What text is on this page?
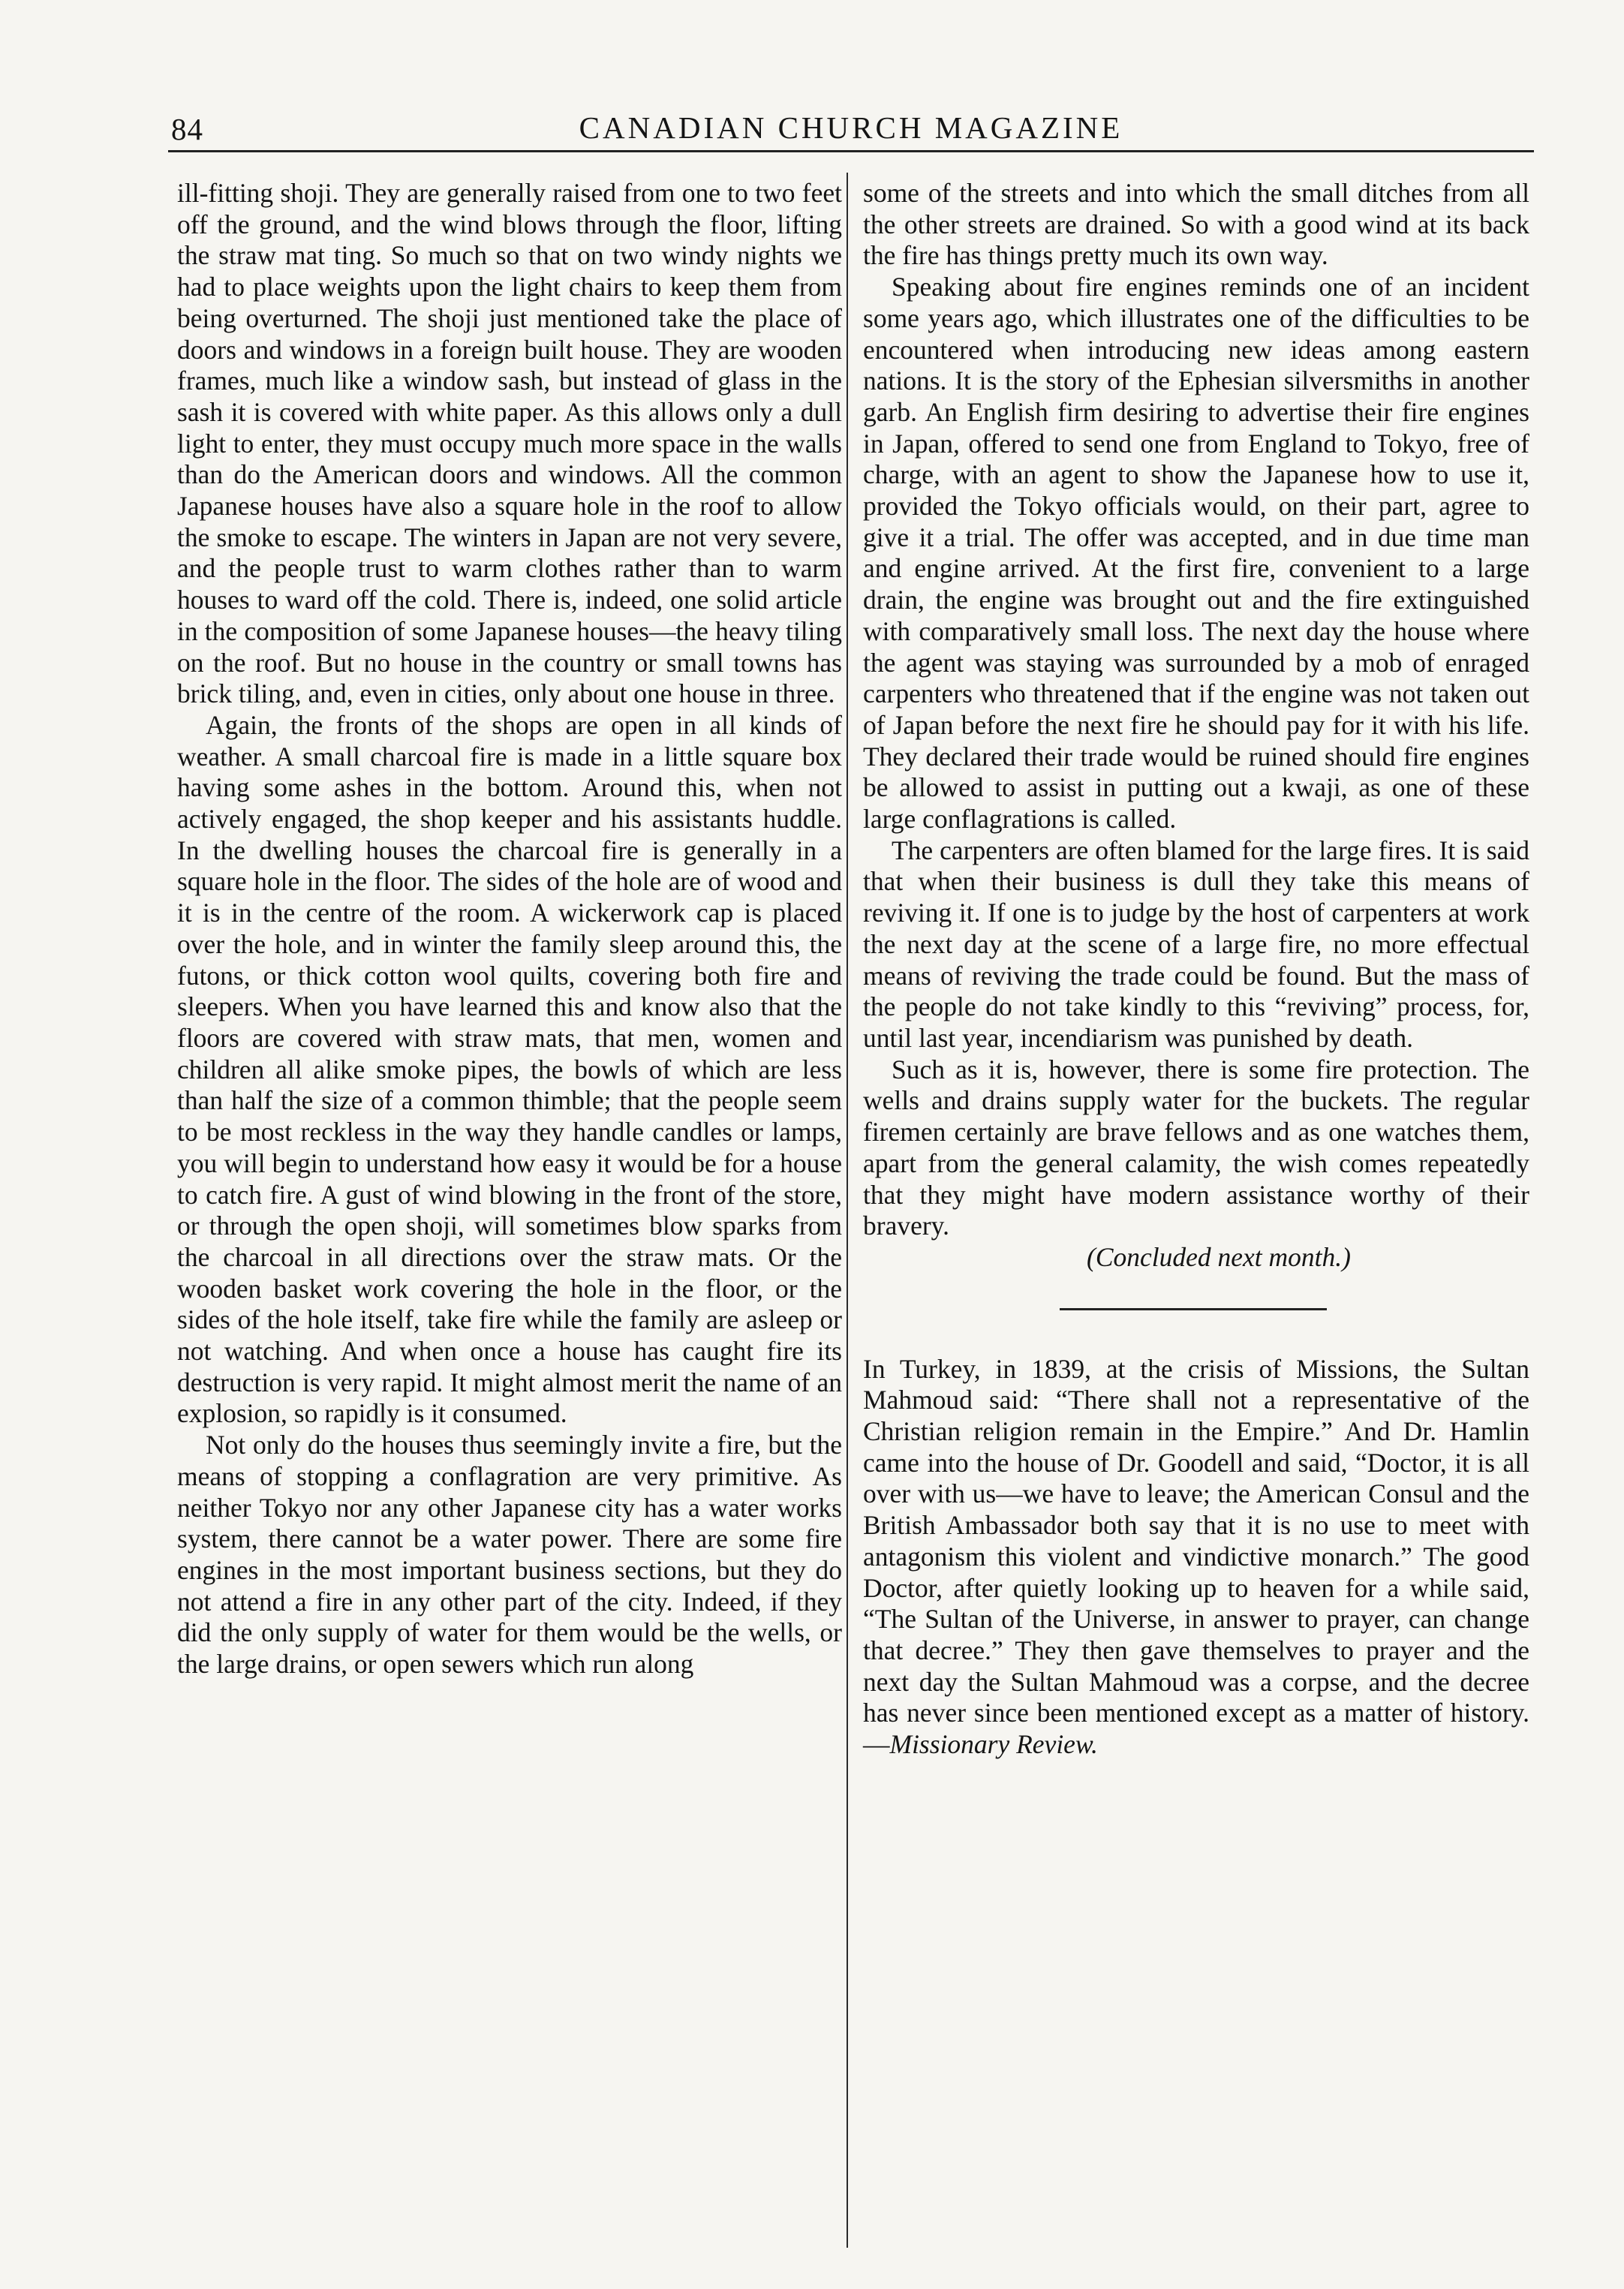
84	CANADIAN CHURCH MAGAZINE

ill-fitting shoji. They are generally raised from one to two feet off the ground, and the wind blows through the floor, lifting the straw mat ting. So much so that on two windy nights we had to place weights upon the light chairs to keep them from being overturned. The shoji just mentioned take the place of doors and windows in a foreign built house. They are wooden frames, much like a window sash, but instead of glass in the sash it is covered with white paper. As this allows only a dull light to enter, they must occupy much more space in the walls than do the American doors and windows. All the common Japanese houses have also a square hole in the roof to allow the smoke to escape. The winters in Japan are not very severe, and the people trust to warm clothes rather than to warm houses to ward off the cold. There is, indeed, one solid article in the composition of some Japanese houses—the heavy tiling on the roof. But no house in the country or small towns has brick tiling, and, even in cities, only about one house in three.

Again, the fronts of the shops are open in all kinds of weather. A small charcoal fire is made in a little square box having some ashes in the bottom. Around this, when not actively engaged, the shop keeper and his assistants huddle. In the dwelling houses the charcoal fire is generally in a square hole in the floor. The sides of the hole are of wood and it is in the centre of the room. A wickerwork cap is placed over the hole, and in winter the family sleep around this, the futons, or thick cotton wool quilts, covering both fire and sleepers. When you have learned this and know also that the floors are covered with straw mats, that men, women and children all alike smoke pipes, the bowls of which are less than half the size of a common thimble; that the people seem to be most reckless in the way they handle candles or lamps, you will begin to understand how easy it would be for a house to catch fire. A gust of wind blowing in the front of the store, or through the open shoji, will sometimes blow sparks from the charcoal in all directions over the straw mats. Or the wooden basket work covering the hole in the floor, or the sides of the hole itself, take fire while the family are asleep or not watching. And when once a house has caught fire its destruction is very rapid. It might almost merit the name of an explosion, so rapidly is it consumed.

Not only do the houses thus seemingly invite a fire, but the means of stopping a conflagration are very primitive. As neither Tokyo nor any other Japanese city has a water works system, there cannot be a water power. There are some fire engines in the most important business sections, but they do not attend a fire in any other part of the city. Indeed, if they did the only supply of water for them would be the wells, or the large drains, or open sewers which run along

some of the streets and into which the small ditches from all the other streets are drained. So with a good wind at its back the fire has things pretty much its own way.

Speaking about fire engines reminds one of an incident some years ago, which illustrates one of the difficulties to be encountered when introducing new ideas among eastern nations. It is the story of the Ephesian silversmiths in another garb. An English firm desiring to advertise their fire engines in Japan, offered to send one from England to Tokyo, free of charge, with an agent to show the Japanese how to use it, provided the Tokyo officials would, on their part, agree to give it a trial. The offer was accepted, and in due time man and engine arrived. At the first fire, convenient to a large drain, the engine was brought out and the fire extinguished with comparatively small loss. The next day the house where the agent was staying was surrounded by a mob of enraged carpenters who threatened that if the engine was not taken out of Japan before the next fire he should pay for it with his life. They declared their trade would be ruined should fire engines be allowed to assist in putting out a kwaji, as one of these large conflagrations is called.

The carpenters are often blamed for the large fires. It is said that when their business is dull they take this means of reviving it. If one is to judge by the host of carpenters at work the next day at the scene of a large fire, no more effectual means of reviving the trade could be found. But the mass of the people do not take kindly to this “reviving” process, for, until last year, incendiarism was punished by death.

Such as it is, however, there is some fire protection. The wells and drains supply water for the buckets. The regular firemen certainly are brave fellows and as one watches them, apart from the general calamity, the wish comes repeatedly that they might have modern assistance worthy of their bravery.

(Concluded next month.)

In Turkey, in 1839, at the crisis of Missions, the Sultan Mahmoud said: “There shall not a representative of the Christian religion remain in the Empire.” And Dr. Hamlin came into the house of Dr. Goodell and said, “Doctor, it is all over with us—we have to leave; the American Consul and the British Ambassador both say that it is no use to meet with antagonism this violent and vindictive monarch.” The good Doctor, after quietly looking up to heaven for a while said, “The Sultan of the Universe, in answer to prayer, can change that decree.” They then gave themselves to prayer and the next day the Sultan Mahmoud was a corpse, and the decree has never since been mentioned except as a matter of history.—Missionary Review.
